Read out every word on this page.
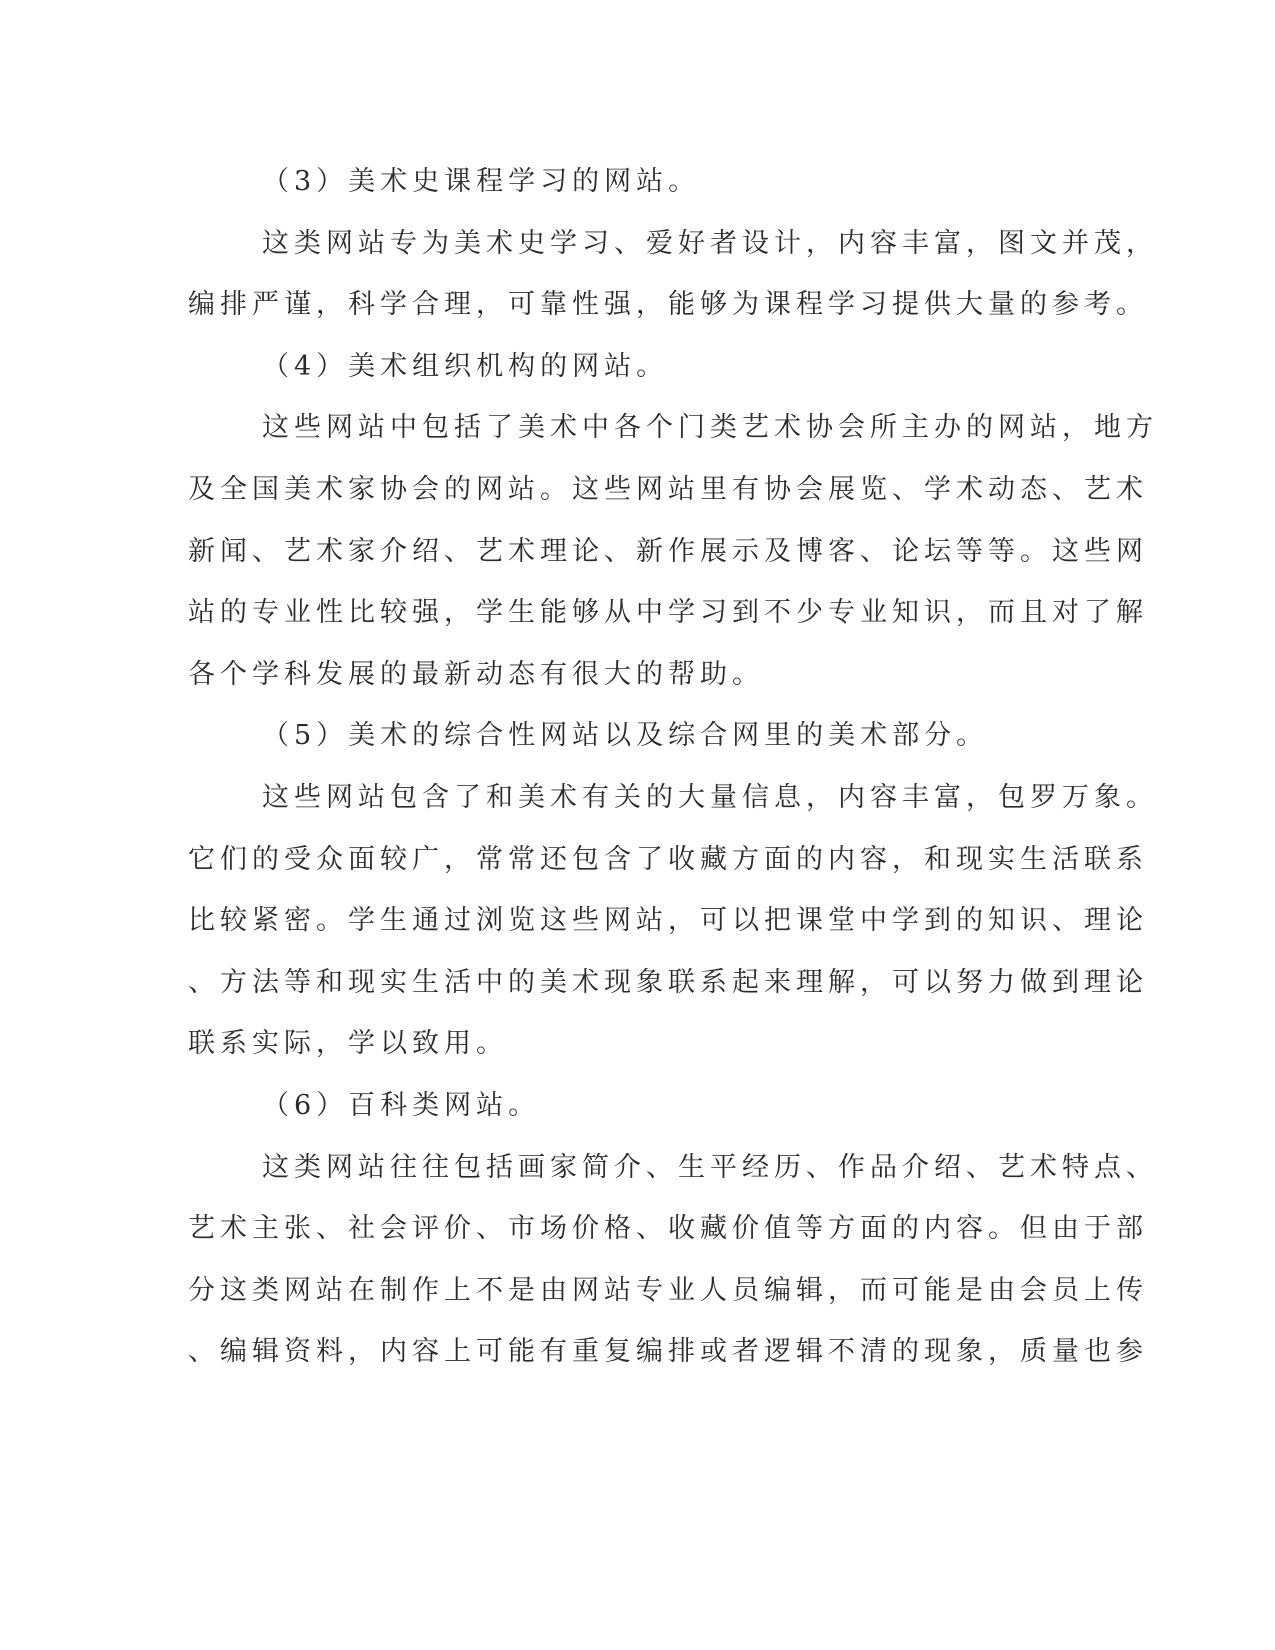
（3）美术史课程学习的网站。
这类网站专为美术史学习、爱好者设计，内容丰富，图文并茂，
编排严谨，科学合理，可靠性强，能够为课程学习提供大量的参考。
（4）美术组织机构的网站。
这些网站中包括了美术中各个门类艺术协会所主办的网站，地方
及全国美术家协会的网站。这些网站里有协会展览、学术动态、艺术
新闻、艺术家介绍、艺术理论、新作展示及博客、论坛等等。这些网
站的专业性比较强，学生能够从中学习到不少专业知识，而且对了解
各个学科发展的最新动态有很大的帮助。
（5）美术的综合性网站以及综合网里的美术部分。
这些网站包含了和美术有关的大量信息，内容丰富，包罗万象。
它们的受众面较广，常常还包含了收藏方面的内容，和现实生活联系
比较紧密。学生通过浏览这些网站，可以把课堂中学到的知识、理论
、方法等和现实生活中的美术现象联系起来理解，可以努力做到理论
联系实际，学以致用。
（6）百科类网站。
这类网站往往包括画家简介、生平经历、作品介绍、艺术特点、
艺术主张、社会评价、市场价格、收藏价值等方面的内容。但由于部
分这类网站在制作上不是由网站专业人员编辑，而可能是由会员上传
、编辑资料，内容上可能有重复编排或者逻辑不清的现象，质量也参
